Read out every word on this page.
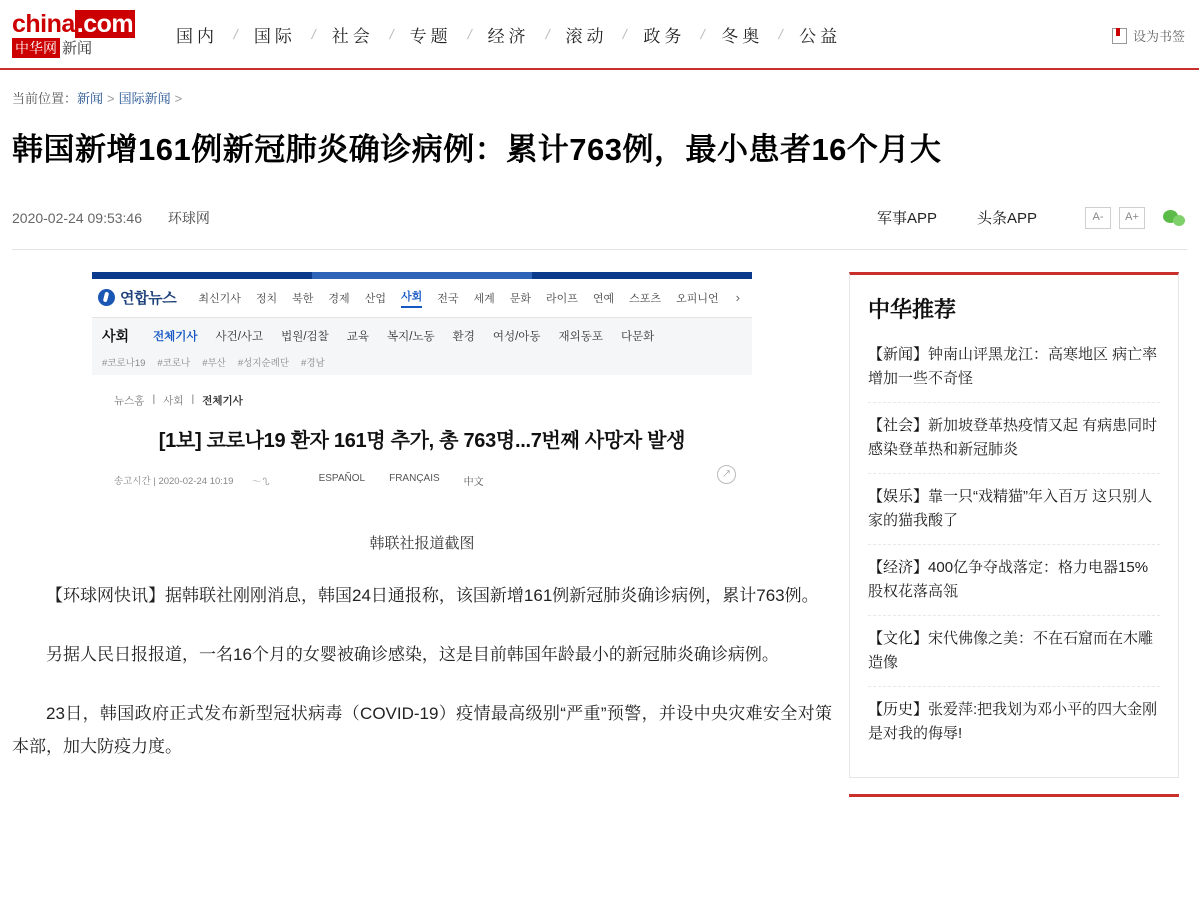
china.com
中华网 新闻
国内 / 国际 / 社会 / 专题 / 经济 / 滚动 / 政务 / 冬奥 / 公益	设为书签
当前位置：新闻 > 国际新闻 >
韩国新增161例新冠肺炎确诊病例：累计763例，最小患者16个月大
2020-02-24 09:53:46 环球网	军事APP	头条APP	A-	A+
연합뉴스 최신기사 정치 북한 경제 산업 사회 전국 세계 문화 라이프 연예 스포츠 오피니언 ›
사회 전체기사 사건/사고 법원/검찰 교육 복지/노동 환경 여성/아동 재외동포 다문화
#코로나19 #코로나 #부산 #성지순례단 #경남
뉴스홈 | 사회 | 전체기사
[1보] 코로나19 환자 161명 추가, 총 763명...7번째 사망자 발생
송고시간 | 2020-02-24 10:19 〜ᔐ	ESPAÑOL FRANÇAIS 中文
↗
韩联社报道截图

【环球网快讯】据韩联社刚刚消息，韩国24日通报称，该国新增161例新冠肺炎确诊病例，累计763例。

另据人民日报报道，一名16个月的女婴被确诊感染，这是目前韩国年龄最小的新冠肺炎确诊病例。

23日，韩国政府正式发布新型冠状病毒（COVID-19）疫情最高级别“严重”预警，并设中央灾难安全对策本部，加大防疫力度。

中华推荐
【新闻】钟南山评黑龙江：高寒地区 病亡率增加一些不奇怪
【社会】新加坡登革热疫情又起 有病患同时感染登革热和新冠肺炎
【娱乐】靠一只“戏精猫”年入百万 这只别人家的猫我酸了
【经济】400亿争夺战落定：格力电器15%股权花落高瓴
【文化】宋代佛像之美：不在石窟而在木雕造像
【历史】张爱萍:把我划为邓小平的四大金刚是对我的侮辱!
